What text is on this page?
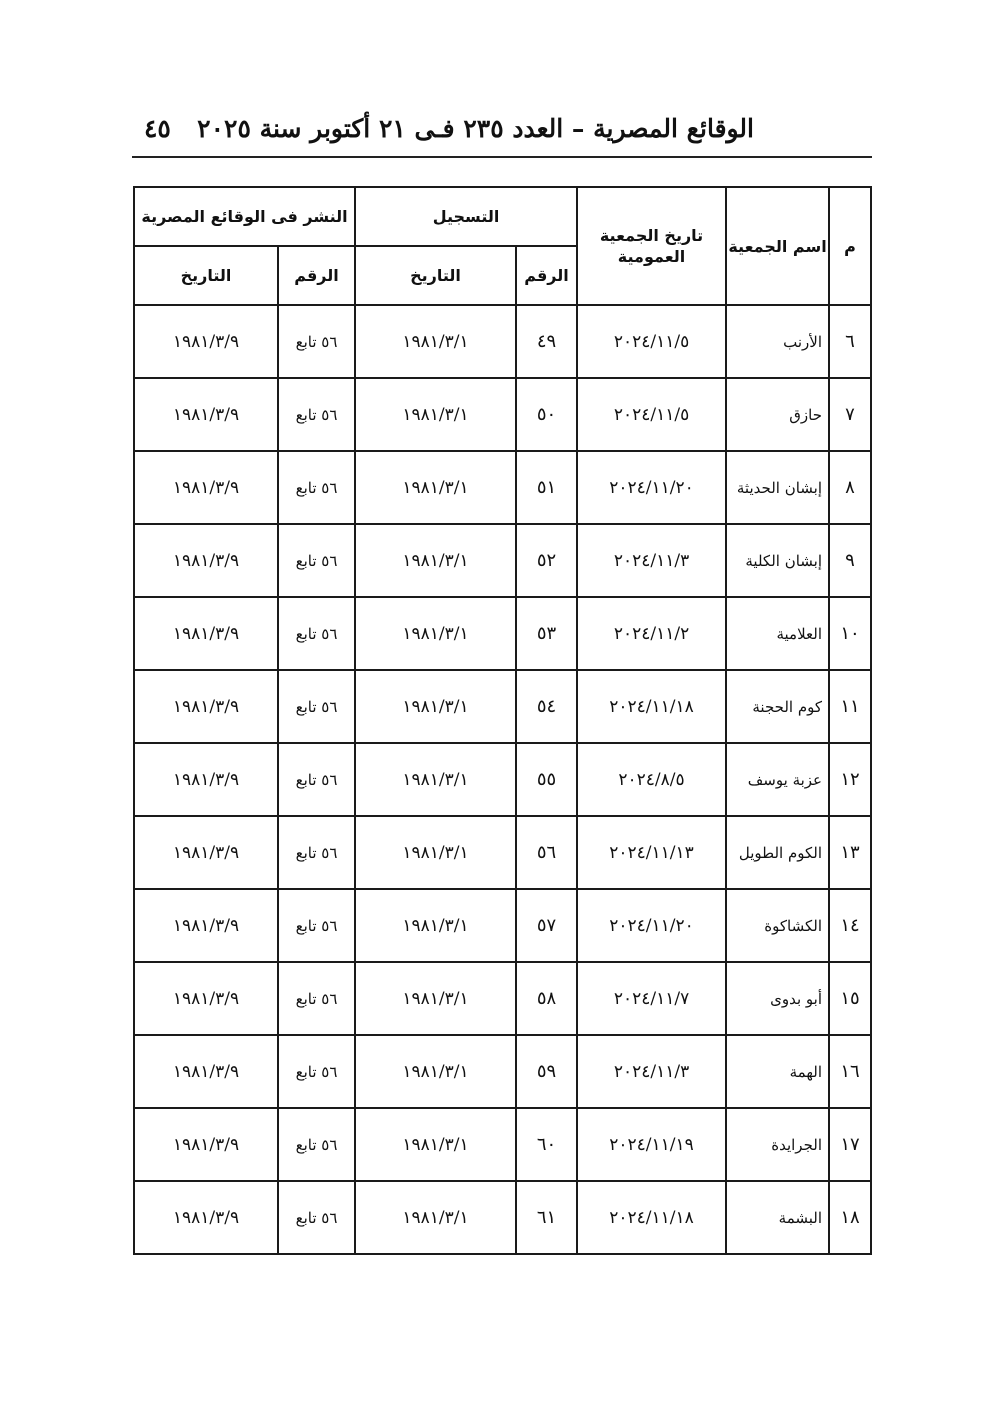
الوقائع المصرية – العدد ٢٣٥ فـى ٢١ أكتوبر سنة ٢٠٢٥
٤٥
م	اسم الجمعية	تاريخ الجمعية العمومية	التسجيل		النشر فى الوقائع المصرية	
			الرقم	التاريخ	الرقم	التاريخ
٦	الأرنب	٢٠٢٤/١١/٥	٤٩	١٩٨١/٣/١	٥٦ تابع	١٩٨١/٣/٩
٧	حازق	٢٠٢٤/١١/٥	٥٠	١٩٨١/٣/١	٥٦ تابع	١٩٨١/٣/٩
٨	إبشان الحديثة	٢٠٢٤/١١/٢٠	٥١	١٩٨١/٣/١	٥٦ تابع	١٩٨١/٣/٩
٩	إبشان الكلية	٢٠٢٤/١١/٣	٥٢	١٩٨١/٣/١	٥٦ تابع	١٩٨١/٣/٩
١٠	العلامية	٢٠٢٤/١١/٢	٥٣	١٩٨١/٣/١	٥٦ تابع	١٩٨١/٣/٩
١١	كوم الحجنة	٢٠٢٤/١١/١٨	٥٤	١٩٨١/٣/١	٥٦ تابع	١٩٨١/٣/٩
١٢	عزبة يوسف	٢٠٢٤/٨/٥	٥٥	١٩٨١/٣/١	٥٦ تابع	١٩٨١/٣/٩
١٣	الكوم الطويل	٢٠٢٤/١١/١٣	٥٦	١٩٨١/٣/١	٥٦ تابع	١٩٨١/٣/٩
١٤	الكشاكوة	٢٠٢٤/١١/٢٠	٥٧	١٩٨١/٣/١	٥٦ تابع	١٩٨١/٣/٩
١٥	أبو بدوى	٢٠٢٤/١١/٧	٥٨	١٩٨١/٣/١	٥٦ تابع	١٩٨١/٣/٩
١٦	الهمة	٢٠٢٤/١١/٣	٥٩	١٩٨١/٣/١	٥٦ تابع	١٩٨١/٣/٩
١٧	الجرايدة	٢٠٢٤/١١/١٩	٦٠	١٩٨١/٣/١	٥٦ تابع	١٩٨١/٣/٩
١٨	البشمة	٢٠٢٤/١١/١٨	٦١	١٩٨١/٣/١	٥٦ تابع	١٩٨١/٣/٩
